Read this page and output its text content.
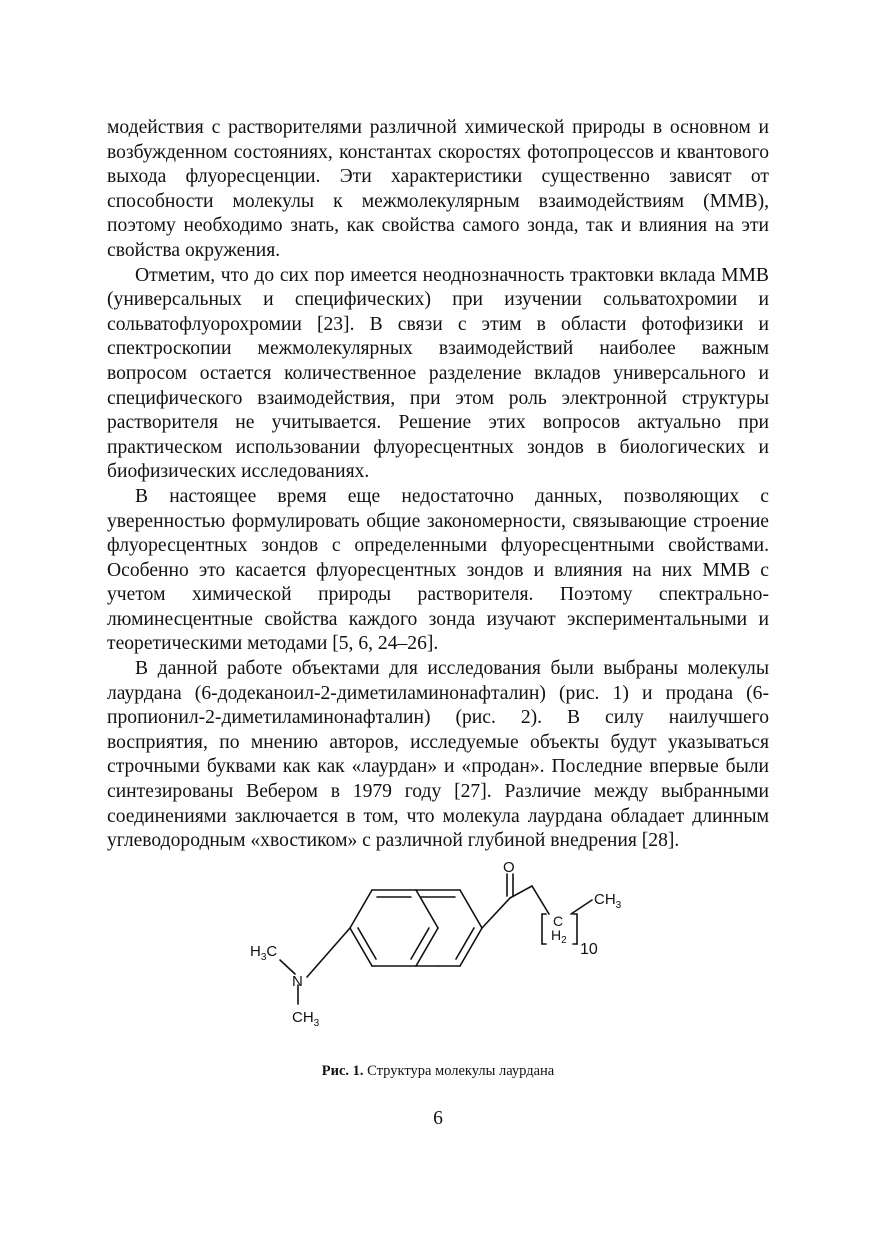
модействия с растворителями различной химической природы в основном и возбужденном состояниях, константах скоростях фотопроцессов и квантового выхода флуоресценции. Эти характеристики существенно зависят от способности молекулы к межмолекулярным взаимодействиям (ММВ), поэтому необходимо знать, как свойства самого зонда, так и влияния на эти свойства окружения.

Отметим, что до сих пор имеется неоднозначность трактовки вклада ММВ (универсальных и специфических) при изучении сольватохромии и сольватофлуорохромии [23]. В связи с этим в области фотофизики и спектроскопии межмолекулярных взаимодействий наиболее важным вопросом остается количественное разделение вкладов универсального и специфического взаимодействия, при этом роль электронной структуры растворителя не учитывается. Решение этих вопросов актуально при практическом использовании флуоресцентных зондов в биологических и биофизических исследованиях.

В настоящее время еще недостаточно данных, позволяющих с уверенностью формулировать общие закономерности, связывающие строение флуоресцентных зондов с определенными флуоресцентными свойствами. Особенно это касается флуоресцентных зондов и влияния на них ММВ с учетом химической природы растворителя. Поэтому спектрально-люминесцентные свойства каждого зонда изучают экспериментальными и теоретическими методами [5, 6, 24–26].

В данной работе объектами для исследования были выбраны молекулы лаурдана (6-додеканоил-2-диметиламинонафталин) (рис. 1) и продана (6-пропионил-2-диметиламинонафталин) (рис. 2). В силу наилучшего восприятия, по мнению авторов, исследуемые объекты будут указываться строчными буквами как как «лаурдан» и «продан». Последние впервые были синтезированы Вебером в 1979 году [27]. Различие между выбранными соединениями заключается в том, что молекула лаурдана обладает длинным углеводородным «хвостиком» с различной глубиной внедрения [28].

O
N
$H_3C$
$CH_3$
$CH_3$
C
$H_2$
10
Рис. 1. Структура молекулы лаурдана
6
